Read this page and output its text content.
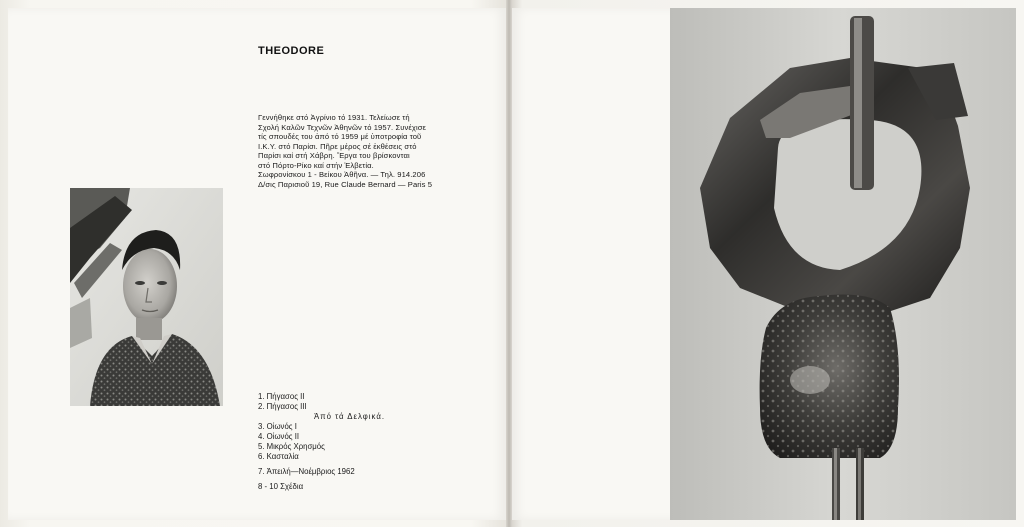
THEODORE
Γεννήθηκε στό Ἀγρίνιο τό 1931. Τελείωσε τή
Σχολή Καλῶν Τεχνῶν Ἀθηνῶν τό 1957. Συνέχισε
τίς σπουδές του ἀπό τό 1959 μέ ὑποτροφία τοῦ
Ι.Κ.Υ. στό Παρίσι. Πῆρε μέρος σέ ἐκθέσεις στό
Παρίσι καί στή Χάβρη. Ἔργα του βρίσκονται
στό Πόρτο-Ρίκο καί στήν Ἑλβετία.
Σωφρονίσκου 1 - Βείκου Ἀθῆνα. — Τηλ. 914.206
Δ/σις Παρισιοῦ 19, Rue Claude Bernard — Paris 5
1. Πήγασος II
2. Πήγασος III
Ἀπό τά Δελφικά.
3. Οἰωνός I
4. Οἰωνός II
5. Μικρός Χρησμός
6. Κασταλία
7. Ἀπειλή—Νοέμβριος 1962
8 - 10 Σχέδια
